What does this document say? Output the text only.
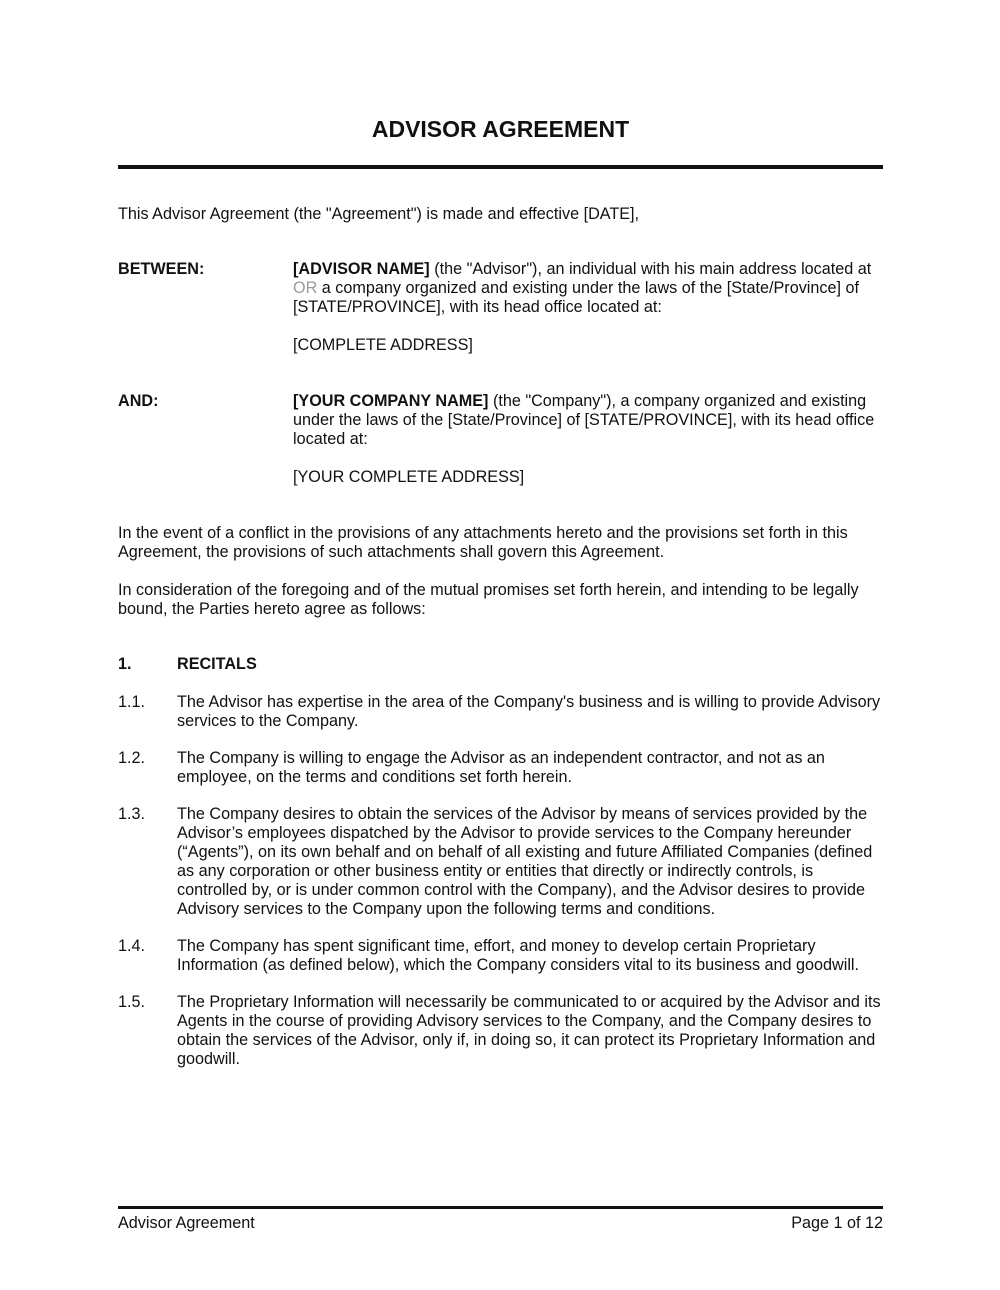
ADVISOR AGREEMENT

This Advisor Agreement (the "Agreement") is made and effective [DATE],

BETWEEN:	[ADVISOR NAME] (the "Advisor"), an individual with his main address located at OR a company organized and existing under the laws of the [State/Province] of [STATE/PROVINCE], with its head office located at:

[COMPLETE ADDRESS]

AND:	[YOUR COMPANY NAME] (the "Company"), a company organized and existing under the laws of the [State/Province] of [STATE/PROVINCE], with its head office located at:

[YOUR COMPLETE ADDRESS]

In the event of a conflict in the provisions of any attachments hereto and the provisions set forth in this Agreement, the provisions of such attachments shall govern this Agreement.

In consideration of the foregoing and of the mutual promises set forth herein, and intending to be legally bound, the Parties hereto agree as follows:

1.	RECITALS
1.1.	The Advisor has expertise in the area of the Company's business and is willing to provide Advisory services to the Company.

1.2.	The Company is willing to engage the Advisor as an independent contractor, and not as an employee, on the terms and conditions set forth herein.

1.3.	The Company desires to obtain the services of the Advisor by means of services provided by the Advisor’s employees dispatched by the Advisor to provide services to the Company hereunder (“Agents”), on its own behalf and on behalf of all existing and future Affiliated Companies (defined as any corporation or other business entity or entities that directly or indirectly controls, is controlled by, or is under common control with the Company), and the Advisor desires to provide Advisory services to the Company upon the following terms and conditions.

1.4.	The Company has spent significant time, effort, and money to develop certain Proprietary Information (as defined below), which the Company considers vital to its business and goodwill.

1.5.	The Proprietary Information will necessarily be communicated to or acquired by the Advisor and its Agents in the course of providing Advisory services to the Company, and the Company desires to obtain the services of the Advisor, only if, in doing so, it can protect its Proprietary Information and goodwill.

Advisor Agreement	Page 1 of 12
